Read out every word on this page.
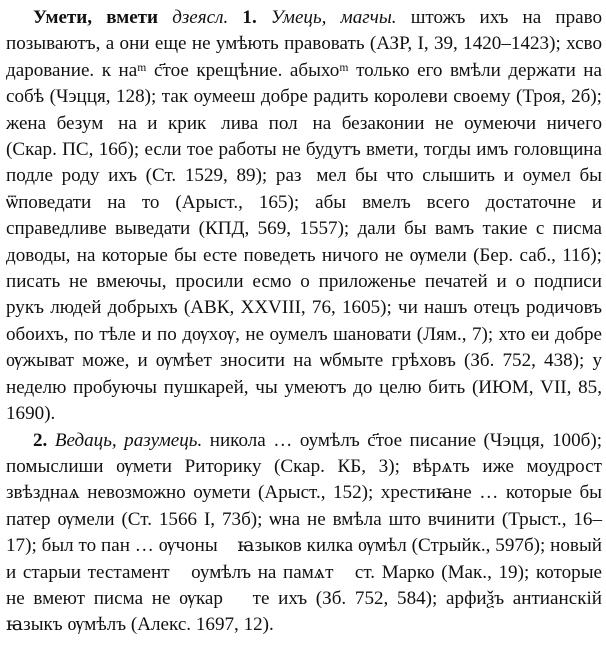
Умети, вмети дзеясл. 1. Умець, магчы. штожъ ихъ на право позываютъ, а они еще не умѣють правовать (АЗР, I, 39, 1420–1423); хсво дарование. к наᵐ с҃тое крещѣние. абыхоᵐ только его вмѣли держати на собѣ (Чэцця, 128); так оумееш добре радить королеви своему (Троя, 2б); жена безумⷭна и крикⷭлива полⷭна безаконии не оумеючи ничего (Скар. ПС, 16б); если тое работы не будутъ вмети, тогды имъ головщина подле роду ихъ (Ст. 1529, 89); разⷨмел бы что слышить и оумел бы ѿповедати на то (Арыст., 165); абы вмелъ всего достаточне и справедливе выведати (КПД, 569, 1557); дали бы вамъ такие с писма доводы, на которые бы есте поведеть ничого не ѹмели (Бер. саб., 11б); писать не вмеючы, просили есмо о приложенье печатей и о подписи рукъ людей добрыхъ (АВК, XXVIII, 76, 1605); чи нашъ отецъ родичовъ обоихъ, по тѣле и по дѹхѹ, не оумелъ шановати (Лям., 7); хто еи добре ѹжыват може, и ѹмѣет зносити на ѡбмыте грѣховъ (Зб. 752, 438); у неделю пробуючы пушкарей, чы умеютъ до целю бить (ИЮМ, VII, 85, 1690).

2. Ведаць, разумець. никола … оумѣлъ с҃тое писание (Чэцця, 100б); помыслиши ѹмети Риторику (Скар. КБ, 3); вѣрѧть иже моудрост звѣзднаѧ невозможно оумети (Арыст., 152); хрестиꙗне … которые бы патер ѹмели (Ст. 1566 I, 73б); ѡна не вмѣла што вчинити (Трыст., 16–17); был то пан … ѹчоныⷭ ꙗзыков килка ѹмѣл (Стрыйк., 597б); новый и старыи тестаментⷭ оумѣлъ на памѧтⷭ ст. Марко (Мак., 19); которые не вмеют писма не ѹкарꙗⷭте ихъ (Зб. 752, 584); арфиѯъ антианскій ꙗзыкъ ѹмѣлъ (Алекс. 1697, 12).
